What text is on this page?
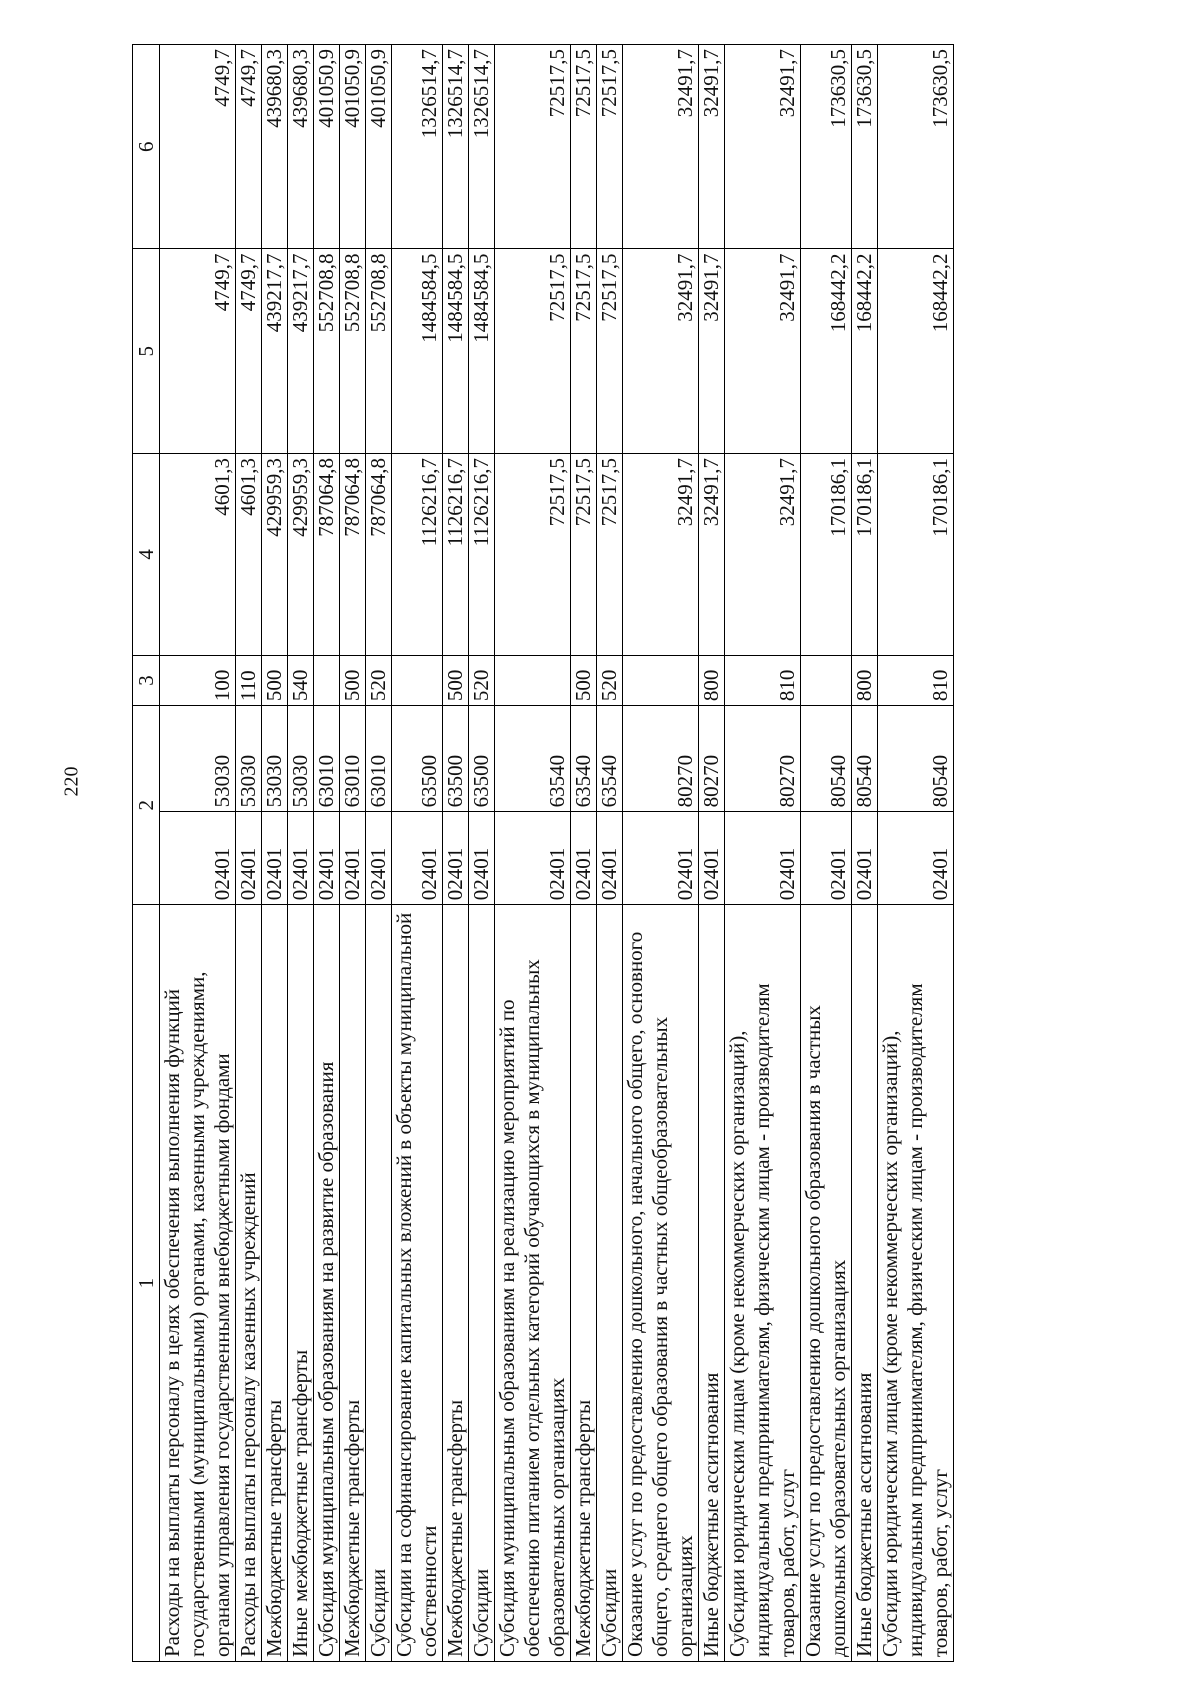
220
1	2		3	4	5	6
Расходы на выплаты персоналу в целях обеспечения выполнения функций государственными (муниципальными) органами, казенными учреждениями, органами управления государственными внебюджетными фондами	02401	53030	100	4601,3	4749,7	4749,7
Расходы на выплаты персоналу казенных учреждений	02401	53030	110	4601,3	4749,7	4749,7
Межбюджетные трансферты	02401	53030	500	429959,3	439217,7	439680,3
Иные межбюджетные трансферты	02401	53030	540	429959,3	439217,7	439680,3
Субсидия муниципальным образованиям на развитие образования	02401	63010		787064,8	552708,8	401050,9
Межбюджетные трансферты	02401	63010	500	787064,8	552708,8	401050,9
Субсидии	02401	63010	520	787064,8	552708,8	401050,9
Субсидии на софинансирование капитальных вложений в объекты муниципальной собственности	02401	63500		1126216,7	1484584,5	1326514,7
Межбюджетные трансферты	02401	63500	500	1126216,7	1484584,5	1326514,7
Субсидии	02401	63500	520	1126216,7	1484584,5	1326514,7
Субсидия муниципальным образованиям на реализацию мероприятий по обеспечению питанием отдельных категорий обучающихся в муниципальных образовательных организациях	02401	63540		72517,5	72517,5	72517,5
Межбюджетные трансферты	02401	63540	500	72517,5	72517,5	72517,5
Субсидии	02401	63540	520	72517,5	72517,5	72517,5
Оказание услуг по предоставлению дошкольного, начального общего, основного общего, среднего общего образования в частных общеобразовательных организациях	02401	80270		32491,7	32491,7	32491,7
Иные бюджетные ассигнования	02401	80270	800	32491,7	32491,7	32491,7
Субсидии юридическим лицам (кроме некоммерческих организаций), индивидуальным предпринимателям, физическим лицам - производителям товаров, работ, услуг	02401	80270	810	32491,7	32491,7	32491,7
Оказание услуг по предоставлению дошкольного образования в частных дошкольных образовательных организациях	02401	80540		170186,1	168442,2	173630,5
Иные бюджетные ассигнования	02401	80540	800	170186,1	168442,2	173630,5
Субсидии юридическим лицам (кроме некоммерческих организаций), индивидуальным предпринимателям, физическим лицам - производителям товаров, работ, услуг	02401	80540	810	170186,1	168442,2	173630,5
